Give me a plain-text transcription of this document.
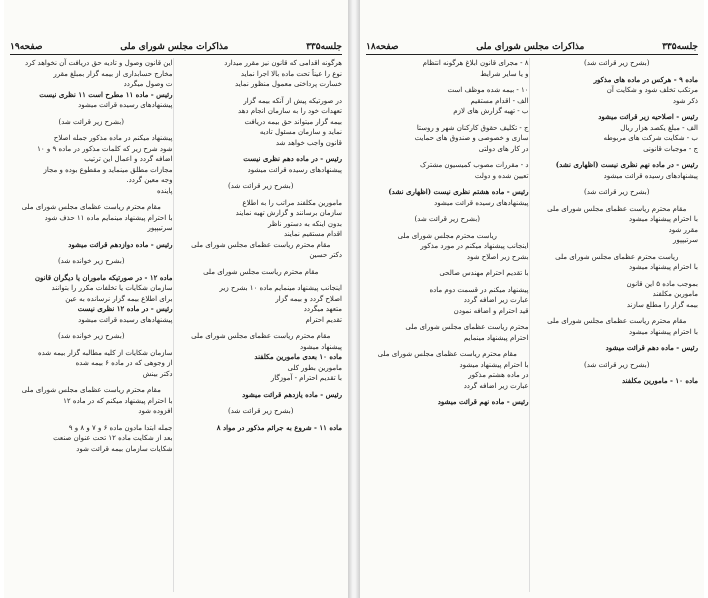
جلسه۳۳۵
مذاکرات مجلس شورای ملی
صفحه۱۹
هرگونه اقدامی که قانون نیز مقرر میدارد
نوع را عیناً تحت ماده بالا اجرا نماید
خسارت پرداختی معمول منظور نماید
در صورتیکه پیش از آنکه بیمه گزار
تعهدات خود را به سازمان انجام دهد
بیمه گزار میتواند حق بیمه دریافت
نماید و سازمان مسئول تادیه
قانون واجب خواهد شد
رئیس - در ماده دهم نظری نیست
پیشنهادهای رسیده قرائت میشود
(بشرح زیر قرائت شد)
مامورین مکلفند مراتب را به اطلاع
سازمان برسانند و گزارش تهیه نمایند
بدون اینکه به دستور ناظر
اقدام مستقیم نمایند
مقام محترم ریاست عظمای مجلس شورای ملی
دکتر حسین
مقام محترم ریاست مجلس شورای ملی
اینجانب پیشنهاد مینمایم ماده ۱۰ بشرح زیر
اصلاح گردد و بیمه گزار
متعهد میگردد
تقدیم احترام
مقام محترم ریاست عظمای مجلس شورای ملی
پیشنهاد میشود
ماده ۱۰ بعدی مامورین مکلفند
مامورین بطور کلی
با تقدیم احترام - آموزگار
رئیس - ماده یازدهم قرائت میشود
(بشرح زیر قرائت شد)
ماده ۱۱ - شروع به جرائم مذکور در مواد ۸
این قانون وصول و تادیه حق دریافت آن نخواهد کرد
مخارج حسابداری از بیمه گزار بمبلغ مقرر
ت وصول میگردد
رئیس - ماده ۱۱ مطرح است ۱۱ نظری نیست
پیشنهادهای رسیده قرائت میشود
(بشرح زیر قرائت شد)
پیشنهاد میکنم در ماده مذکور جمله اصلاح
شود شرح زیر که کلمات مذکور در ماده ۹ و ۱۰
اضافه گردد و اعمال این ترتیب
مجازات مطلق مینماید و مقطوع بوده و مجاز
وجه معین گردد.
پاینده
مقام محترم ریاست عظمای مجلس شورای ملی
با احترام پیشنهاد مینمایم ماده ۱۱ حذف شود
سرتیپپور
رئیس - ماده دوازدهم قرائت میشود
(بشرح زیر خوانده شد)
ماده ۱۲ - در صورتیکه ماموران یا دیگران قانون
سازمان شکایات یا تخلفات مکرر را بتوانند
برای اطلاع بیمه گزار نرسانده به عین
رئیس - در ماده ۱۲ نظری نیست
پیشنهادهای رسیده قرائت میشود
(بشرح زیر خوانده شد)
سازمان شکایات از کلیه مطالبه گزار بیمه شده
از وجوهی که در ماده ۶ بیمه شده
دکتر بینش
مقام محترم ریاست عظمای مجلس شورای ملی
با احترام پیشنهاد میکنم که در ماده ۱۲
افزوده شود
جمله ابتدا مادون ماده ۶ و ۷ و ۸ و ۹
بعد از شکایت ماده ۱۲ تحت عنوان صنعت
شکایات سازمان بیمه قرائت شود
جلسه۳۳۵
مذاکرات مجلس شورای ملی
صفحه۱۸
(بشرح زیر قرائت شد)
ماده ۹ - هرکس در ماده های مذکور
مرتکب تخلف شود و شکایت آن
ذکر شود
رئیس - اصلاحیه زیر قرائت میشود
الف - مبلغ یکصد هزار ریال
ب - شکایت شرکت های مربوطه
ج - موجبات قانونی
رئیس - در ماده نهم نظری نیست (اظهاری نشد)
پیشنهادهای رسیده قرائت میشود
(بشرح زیر قرائت شد)
مقام محترم ریاست عظمای مجلس شورای ملی
با احترام پیشنهاد میشود
مقرر شود
سرتیپپور
ریاست محترم عظمای مجلس شورای ملی
با احترام پیشنهاد میشود
بموجب ماده ۵ این قانون
مامورین مکلفند
بیمه گزار را مطلع سازند
مقام محترم ریاست عظمای مجلس شورای ملی
با احترام پیشنهاد میشود
رئیس - ماده دهم قرائت میشود
(بشرح زیر قرائت شد)
ماده ۱۰ - مامورین مکلفند
۸ - مجرای قانون ابلاغ هرگونه انتظام
و یا سایر شرایط
۱۰ - بیمه شده موظف است
الف - اقدام مستقیم
ب - تهیه گزارش های لازم
ج - تکلیف حقوق کارکنان شهر و روستا
سازی و خصوصی و صندوق های حمایت
در کار های دولتی
د - مقررات مصوب کمیسیون مشترک
تعیین شده و دولت
رئیس - ماده هشتم نظری نیست (اظهاری نشد)
پیشنهادهای رسیده قرائت میشود
(بشرح زیر قرائت شد)
ریاست محترم مجلس شورای ملی
اینجانب پیشنهاد میکنم در مورد مذکور
بشرح زیر اصلاح شود
با تقدیم احترام مهندس صالحی
پیشنهاد میکنم در قسمت دوم ماده
عبارت زیر اضافه گردد
قید احترام و اضافه نمودن
محترم ریاست عظمای مجلس شورای ملی
احترام پیشنهاد مینمایم
مقام محترم ریاست عظمای مجلس شورای ملی
با احترام پیشنهاد میشود
در ماده هشتم مذکور
عبارت زیر اضافه گردد
رئیس - ماده نهم قرائت میشود
